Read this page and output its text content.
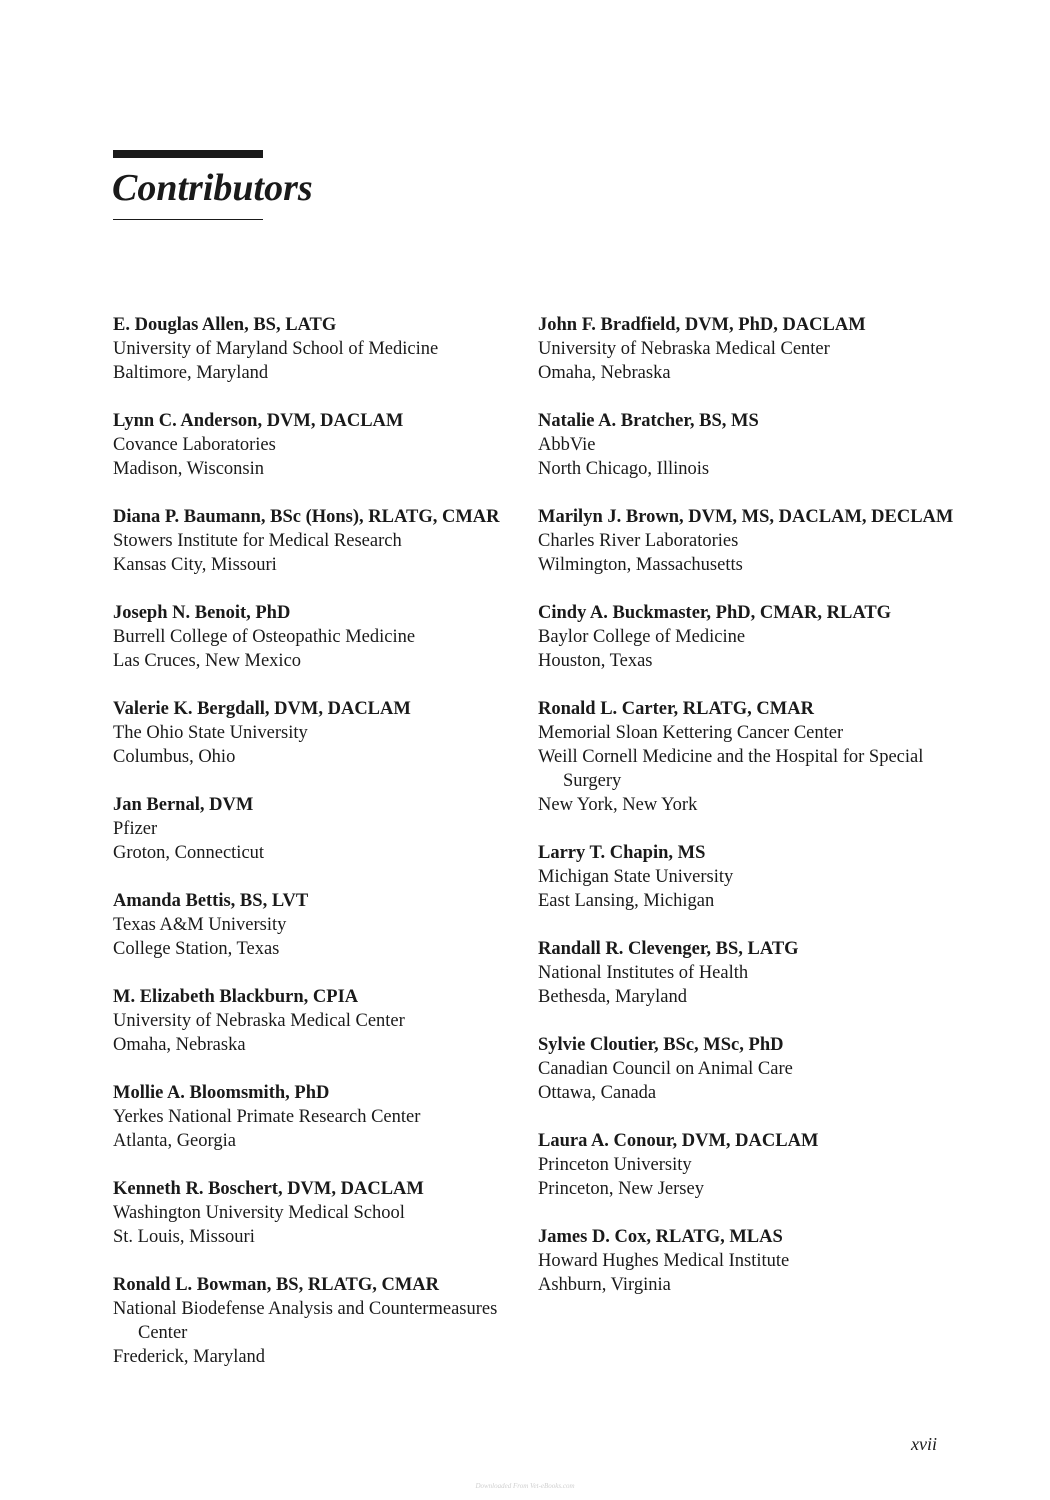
Contributors
E. Douglas Allen, BS, LATG
University of Maryland School of Medicine
Baltimore, Maryland
Lynn C. Anderson, DVM, DACLAM
Covance Laboratories
Madison, Wisconsin
Diana P. Baumann, BSc (Hons), RLATG, CMAR
Stowers Institute for Medical Research
Kansas City, Missouri
Joseph N. Benoit, PhD
Burrell College of Osteopathic Medicine
Las Cruces, New Mexico
Valerie K. Bergdall, DVM, DACLAM
The Ohio State University
Columbus, Ohio
Jan Bernal, DVM
Pfizer
Groton, Connecticut
Amanda Bettis, BS, LVT
Texas A&M University
College Station, Texas
M. Elizabeth Blackburn, CPIA
University of Nebraska Medical Center
Omaha, Nebraska
Mollie A. Bloomsmith, PhD
Yerkes National Primate Research Center
Atlanta, Georgia
Kenneth R. Boschert, DVM, DACLAM
Washington University Medical School
St. Louis, Missouri
Ronald L. Bowman, BS, RLATG, CMAR
National Biodefense Analysis and Countermeasures Center
Frederick, Maryland
John F. Bradfield, DVM, PhD, DACLAM
University of Nebraska Medical Center
Omaha, Nebraska
Natalie A. Bratcher, BS, MS
AbbVie
North Chicago, Illinois
Marilyn J. Brown, DVM, MS, DACLAM, DECLAM
Charles River Laboratories
Wilmington, Massachusetts
Cindy A. Buckmaster, PhD, CMAR, RLATG
Baylor College of Medicine
Houston, Texas
Ronald L. Carter, RLATG, CMAR
Memorial Sloan Kettering Cancer Center
Weill Cornell Medicine and the Hospital for Special Surgery
New York, New York
Larry T. Chapin, MS
Michigan State University
East Lansing, Michigan
Randall R. Clevenger, BS, LATG
National Institutes of Health
Bethesda, Maryland
Sylvie Cloutier, BSc, MSc, PhD
Canadian Council on Animal Care
Ottawa, Canada
Laura A. Conour, DVM, DACLAM
Princeton University
Princeton, New Jersey
James D. Cox, RLATG, MLAS
Howard Hughes Medical Institute
Ashburn, Virginia
xvii
Downloaded From Vet-eBooks.com
